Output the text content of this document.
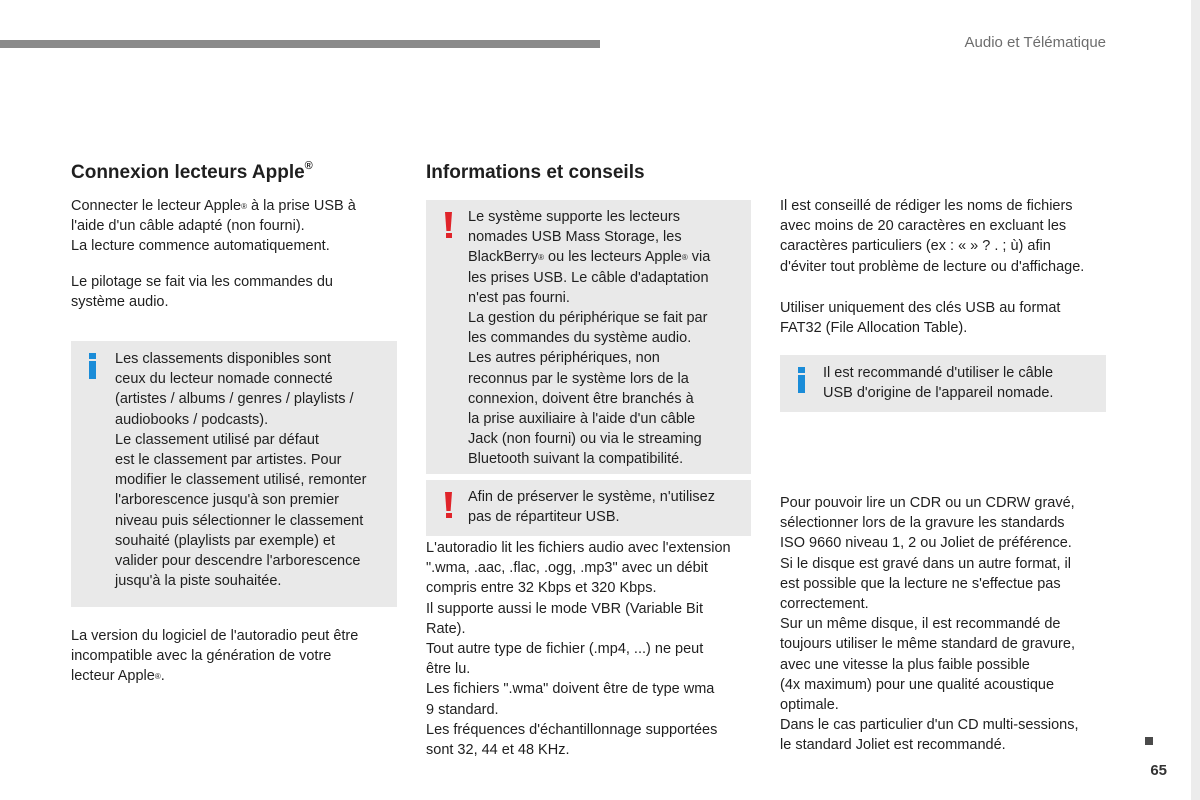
Audio et Télématique
Connexion lecteurs Apple®

Connecter le lecteur Apple® à la prise USB à
l'aide d'un câble adapté (non fourni).
La lecture commence automatiquement.

Le pilotage se fait via les commandes du
système audio.

Les classements disponibles sont
ceux du lecteur nomade connecté
(artistes / albums / genres / playlists /
audiobooks / podcasts).
Le classement utilisé par défaut
est le classement par artistes. Pour
modifier le classement utilisé, remonter
l'arborescence jusqu'à son premier
niveau puis sélectionner le classement
souhaité (playlists par exemple) et
valider pour descendre l'arborescence
jusqu'à la piste souhaitée.

La version du logiciel de l'autoradio peut être
incompatible avec la génération de votre
lecteur Apple®.

Informations et conseils
Le système supporte les lecteurs
nomades USB Mass Storage, les
BlackBerry® ou les lecteurs Apple® via
les prises USB. Le câble d'adaptation
n'est pas fourni.
La gestion du périphérique se fait par
les commandes du système audio.
Les autres périphériques, non
reconnus par le système lors de la
connexion, doivent être branchés à
la prise auxiliaire à l'aide d'un câble
Jack (non fourni) ou via le streaming
Bluetooth suivant la compatibilité.
Afin de préserver le système, n'utilisez
pas de répartiteur USB.

L'autoradio lit les fichiers audio avec l'extension
".wma, .aac, .flac, .ogg, .mp3" avec un débit
compris entre 32 Kbps et 320 Kbps.
Il supporte aussi le mode VBR (Variable Bit
Rate).
Tout autre type de fichier (.mp4, ...) ne peut
être lu.
Les fichiers ".wma" doivent être de type wma
9 standard.
Les fréquences d'échantillonnage supportées
sont 32, 44 et 48 KHz.

Il est conseillé de rédiger les noms de fichiers
avec moins de 20 caractères en excluant les
caractères particuliers (ex : « » ? . ; ù) afin
d'éviter tout problème de lecture ou d'affichage.

Utiliser uniquement des clés USB au format
FAT32 (File Allocation Table).

Il est recommandé d'utiliser le câble
USB d'origine de l'appareil nomade.

Pour pouvoir lire un CDR ou un CDRW gravé,
sélectionner lors de la gravure les standards
ISO 9660 niveau 1, 2 ou Joliet de préférence.
Si le disque est gravé dans un autre format, il
est possible que la lecture ne s'effectue pas
correctement.
Sur un même disque, il est recommandé de
toujours utiliser le même standard de gravure,
avec une vitesse la plus faible possible
(4x maximum) pour une qualité acoustique
optimale.
Dans le cas particulier d'un CD multi-sessions,
le standard Joliet est recommandé.

65
